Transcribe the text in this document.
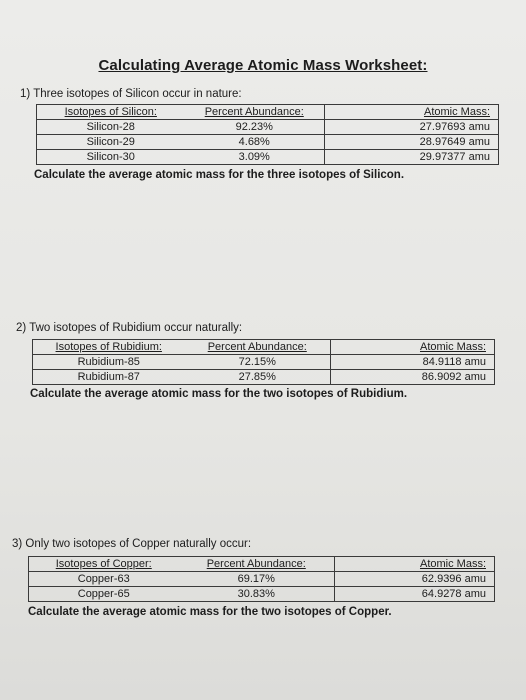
Calculating Average Atomic Mass Worksheet:
1) Three isotopes of Silicon occur in nature:
Isotopes of Silicon:	Percent Abundance:	Atomic Mass:
Silicon-28	92.23%	27.97693 amu
Silicon-29	4.68%	28.97649 amu
Silicon-30	3.09%	29.97377 amu
Calculate the average atomic mass for the three isotopes of Silicon.
2) Two isotopes of Rubidium occur naturally:
Isotopes of Rubidium:	Percent Abundance:	Atomic Mass:
Rubidium-85	72.15%	84.9118 amu
Rubidium-87	27.85%	86.9092 amu
Calculate the average atomic mass for the two isotopes of Rubidium.
3) Only two isotopes of Copper naturally occur:
Isotopes of Copper:	Percent Abundance:	Atomic Mass:
Copper-63	69.17%	62.9396 amu
Copper-65	30.83%	64.9278 amu
Calculate the average atomic mass for the two isotopes of Copper.
